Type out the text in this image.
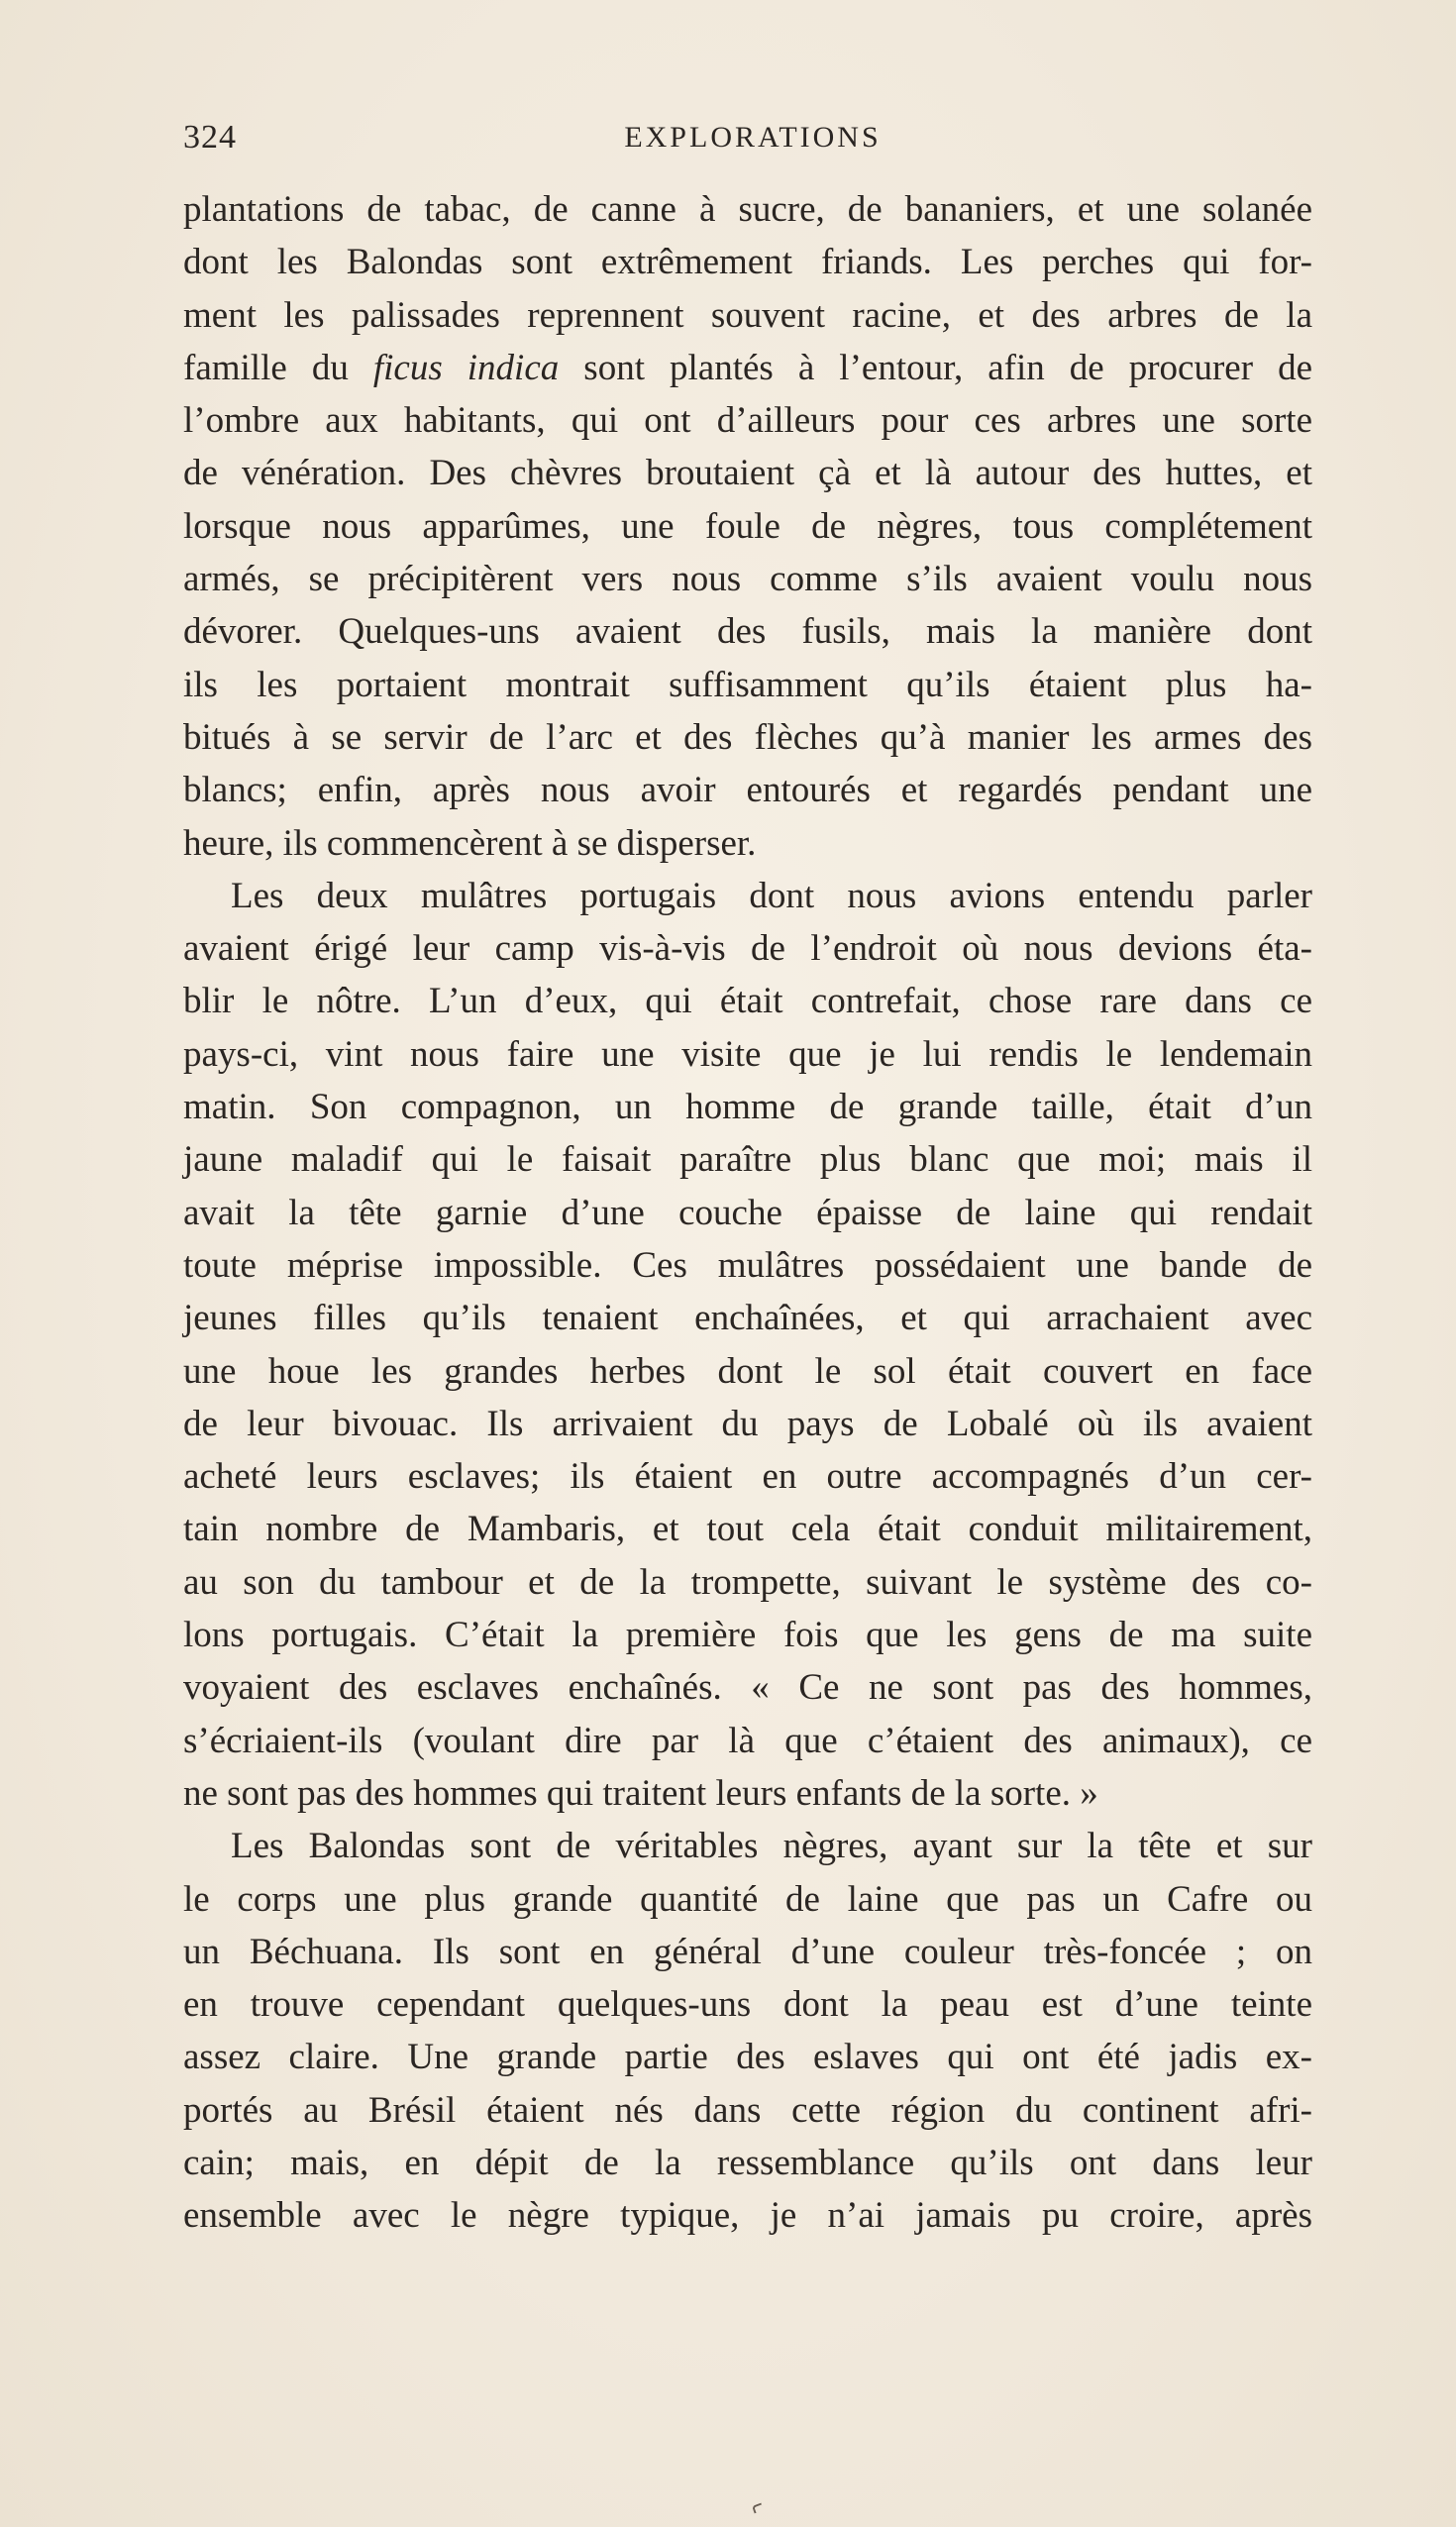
324	EXPLORATIONS
plantations de tabac, de canne à sucre, de bananiers, et une solanée
dont les Balondas sont extrêmement friands. Les perches qui for-
ment les palissades reprennent souvent racine, et des arbres de la
famille du ficus indica sont plantés à l’entour, afin de procurer de
l’ombre aux habitants, qui ont d’ailleurs pour ces arbres une sorte
de vénération. Des chèvres broutaient çà et là autour des huttes, et
lorsque nous apparûmes, une foule de nègres, tous complétement
armés, se précipitèrent vers nous comme s’ils avaient voulu nous
dévorer. Quelques-uns avaient des fusils, mais la manière dont
ils les portaient montrait suffisamment qu’ils étaient plus ha-
bitués à se servir de l’arc et des flèches qu’à manier les armes des
blancs; enfin, après nous avoir entourés et regardés pendant une
heure, ils commencèrent à se disperser.
Les deux mulâtres portugais dont nous avions entendu parler
avaient érigé leur camp vis-à-vis de l’endroit où nous devions éta-
blir le nôtre. L’un d’eux, qui était contrefait, chose rare dans ce
pays-ci, vint nous faire une visite que je lui rendis le lendemain
matin. Son compagnon, un homme de grande taille, était d’un
jaune maladif qui le faisait paraître plus blanc que moi; mais il
avait la tête garnie d’une couche épaisse de laine qui rendait
toute méprise impossible. Ces mulâtres possédaient une bande de
jeunes filles qu’ils tenaient enchaînées, et qui arrachaient avec
une houe les grandes herbes dont le sol était couvert en face
de leur bivouac. Ils arrivaient du pays de Lobalé où ils avaient
acheté leurs esclaves; ils étaient en outre accompagnés d’un cer-
tain nombre de Mambaris, et tout cela était conduit militairement,
au son du tambour et de la trompette, suivant le système des co-
lons portugais. C’était la première fois que les gens de ma suite
voyaient des esclaves enchaînés. « Ce ne sont pas des hommes,
s’écriaient-ils (voulant dire par là que c’étaient des animaux), ce
ne sont pas des hommes qui traitent leurs enfants de la sorte. »
Les Balondas sont de véritables nègres, ayant sur la tête et sur
le corps une plus grande quantité de laine que pas un Cafre ou
un Béchuana. Ils sont en général d’une couleur très-foncée ; on
en trouve cependant quelques-uns dont la peau est d’une teinte
assez claire. Une grande partie des eslaves qui ont été jadis ex-
portés au Brésil étaient nés dans cette région du continent afri-
cain; mais, en dépit de la ressemblance qu’ils ont dans leur
ensemble avec le nègre typique, je n’ai jamais pu croire, après
